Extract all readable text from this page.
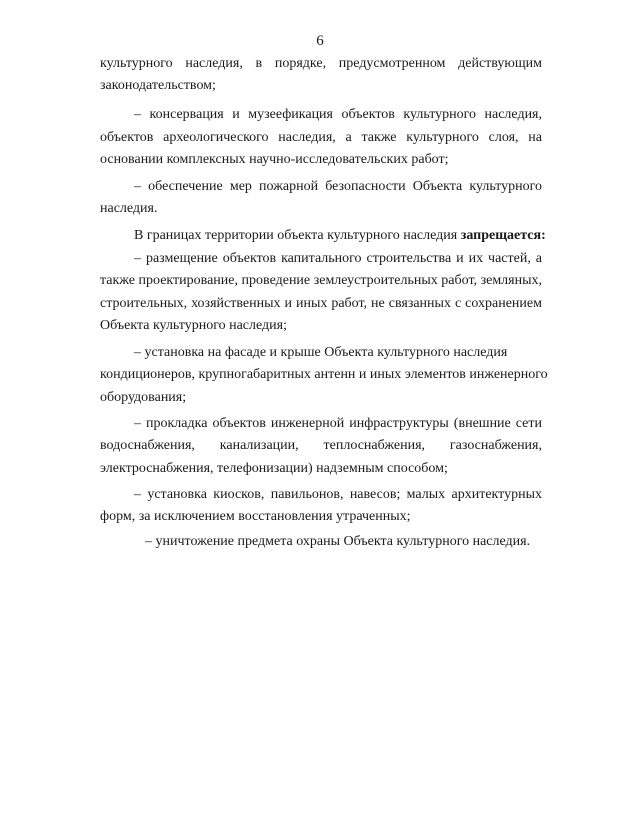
6
культурного наследия, в порядке, предусмотренном действующим
законодательством;
– консервация и музеефикация объектов культурного наследия,
объектов археологического наследия, а также культурного слоя, на
основании комплексных научно-исследовательских работ;
– обеспечение мер пожарной безопасности Объекта культурного
наследия.
В границах территории объекта культурного наследия запрещается:
– размещение объектов капитального строительства и их частей, а
также проектирование, проведение землеустроительных работ, земляных,
строительных, хозяйственных и иных работ, не связанных с сохранением
Объекта культурного наследия;
– установка на фасаде и крыше Объекта культурного наследия
кондиционеров, крупногабаритных антенн и иных элементов инженерного
оборудования;
– прокладка объектов инженерной инфраструктуры (внешние сети
водоснабжения, канализации, теплоснабжения, газоснабжения,
электроснабжения, телефонизации) надземным способом;
– установка киосков, павильонов, навесов; малых архитектурных
форм, за исключением восстановления утраченных;
– уничтожение предмета охраны Объекта культурного наследия.
